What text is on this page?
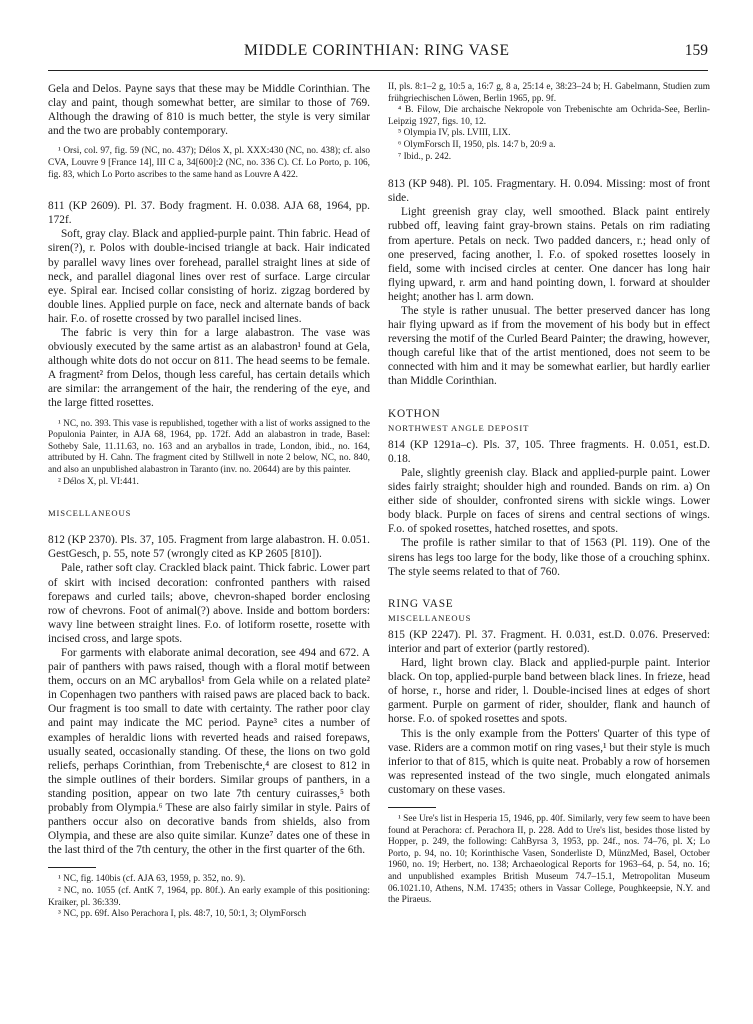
MIDDLE CORINTHIAN: RING VASE	159

Gela and Delos. Payne says that these may be Middle Corinthian. The clay and paint, though somewhat better, are similar to those of 769. Although the drawing of 810 is much better, the style is very similar and the two are probably contemporary.

¹ Orsi, col. 97, fig. 59 (NC, no. 437); Délos X, pl. XXX:430 (NC, no. 438); cf. also CVA, Louvre 9 [France 14], III C a, 34[600]:2 (NC, no. 336 C). Cf. Lo Porto, p. 106, fig. 83, which Lo Porto ascribes to the same hand as Louvre A 422.

811 (KP 2609). Pl. 37. Body fragment. H. 0.038. AJA 68, 1964, pp. 172f.

Soft, gray clay. Black and applied-purple paint. Thin fabric. Head of siren(?), r. Polos with double-incised triangle at back. Hair indicated by parallel wavy lines over forehead, parallel straight lines at side of neck, and parallel diagonal lines over rest of surface. Large circular eye. Spiral ear. Incised collar consisting of horiz. zigzag bordered by double lines. Applied purple on face, neck and alternate bands of back hair. F.o. of rosette crossed by two parallel incised lines.

The fabric is very thin for a large alabastron. The vase was obviously executed by the same artist as an alabastron¹ found at Gela, although white dots do not occur on 811. The head seems to be female. A fragment² from Delos, though less careful, has certain details which are similar: the arrangement of the hair, the rendering of the eye, and the large fitted rosettes.

¹ NC, no. 393. This vase is republished, together with a list of works assigned to the Populonia Painter, in AJA 68, 1964, pp. 172f. Add an alabastron in trade, Basel: Sotheby Sale, 11.11.63, no. 163 and an aryballos in trade, London, ibid., no. 164, attributed by H. Cahn. The fragment cited by Stillwell in note 2 below, NC, no. 840, and also an unpublished alabastron in Taranto (inv. no. 20644) are by this painter.

² Délos X, pl. VI:441.

MISCELLANEOUS

812 (KP 2370). Pls. 37, 105. Fragment from large alabastron. H. 0.051. GestGesch, p. 55, note 57 (wrongly cited as KP 2605 [810]).

Pale, rather soft clay. Crackled black paint. Thick fabric. Lower part of skirt with incised decoration: confronted panthers with raised forepaws and curled tails; above, chevron-shaped border enclosing row of chevrons. Foot of animal(?) above. Inside and bottom borders: wavy line between straight lines. F.o. of lotiform rosette, rosette with incised cross, and large spots.

For garments with elaborate animal decoration, see 494 and 672. A pair of panthers with paws raised, though with a floral motif between them, occurs on an MC aryballos¹ from Gela while on a related plate² in Copenhagen two panthers with raised paws are placed back to back. Our fragment is too small to date with certainty. The rather poor clay and paint may indicate the MC period. Payne³ cites a number of examples of heraldic lions with reverted heads and raised forepaws, usually seated, occasionally standing. Of these, the lions on two gold reliefs, perhaps Corinthian, from Trebenischte,⁴ are closest to 812 in the simple outlines of their borders. Similar groups of panthers, in a standing position, appear on two late 7th century cuirasses,⁵ both probably from Olympia.⁶ These are also fairly similar in style. Pairs of panthers occur also on decorative bands from shields, also from Olympia, and these are also quite similar. Kunze⁷ dates one of these in the last third of the 7th century, the other in the first quarter of the 6th.

¹ NC, fig. 140bis (cf. AJA 63, 1959, p. 352, no. 9).

² NC, no. 1055 (cf. AntK 7, 1964, pp. 80f.). An early example of this positioning: Kraiker, pl. 36:339.

³ NC, pp. 69f. Also Perachora I, pls. 48:7, 10, 50:1, 3; OlymForsch

II, pls. 8:1–2 g, 10:5 a, 16:7 g, 8 a, 25:14 e, 38:23–24 b; H. Gabelmann, Studien zum frühgriechischen Löwen, Berlin 1965, pp. 9f.

⁴ B. Filow, Die archaische Nekropole von Trebenischte am Ochrida-See, Berlin-Leipzig 1927, figs. 10, 12.

⁵ Olympia IV, pls. LVIII, LIX.

⁶ OlymForsch II, 1950, pls. 14:7 b, 20:9 a.

⁷ Ibid., p. 242.

813 (KP 948). Pl. 105. Fragmentary. H. 0.094. Missing: most of front side.

Light greenish gray clay, well smoothed. Black paint entirely rubbed off, leaving faint gray-brown stains. Petals on rim radiating from aperture. Petals on neck. Two padded dancers, r.; head only of one preserved, facing another, l. F.o. of spoked rosettes loosely in field, some with incised circles at center. One dancer has long hair flying upward, r. arm and hand pointing down, l. forward at shoulder height; another has l. arm down.

The style is rather unusual. The better preserved dancer has long hair flying upward as if from the movement of his body but in effect reversing the motif of the Curled Beard Painter; the drawing, however, though careful like that of the artist mentioned, does not seem to be connected with him and it may be somewhat earlier, but hardly earlier than Middle Corinthian.

KOTHON

NORTHWEST ANGLE DEPOSIT

814 (KP 1291a–c). Pls. 37, 105. Three fragments. H. 0.051, est.D. 0.18.

Pale, slightly greenish clay. Black and applied-purple paint. Lower sides fairly straight; shoulder high and rounded. Bands on rim. a) On either side of shoulder, confronted sirens with sickle wings. Lower body black. Purple on faces of sirens and central sections of wings. F.o. of spoked rosettes, hatched rosettes, and spots.

The profile is rather similar to that of 1563 (Pl. 119). One of the sirens has legs too large for the body, like those of a crouching sphinx. The style seems related to that of 760.

RING VASE

MISCELLANEOUS

815 (KP 2247). Pl. 37. Fragment. H. 0.031, est.D. 0.076. Preserved: interior and part of exterior (partly restored).

Hard, light brown clay. Black and applied-purple paint. Interior black. On top, applied-purple band between black lines. In frieze, head of horse, r., horse and rider, l. Double-incised lines at edges of short garment. Purple on garment of rider, shoulder, flank and haunch of horse. F.o. of spoked rosettes and spots.

This is the only example from the Potters' Quarter of this type of vase. Riders are a common motif on ring vases,¹ but their style is much inferior to that of 815, which is quite neat. Probably a row of horsemen was represented instead of the two single, much elongated animals customary on these vases.

¹ See Ure's list in Hesperia 15, 1946, pp. 40f. Similarly, very few seem to have been found at Perachora: cf. Perachora II, p. 228. Add to Ure's list, besides those listed by Hopper, p. 249, the following: CahByrsa 3, 1953, pp. 24f., nos. 74–76, pl. X; Lo Porto, p. 94, no. 10; Korinthische Vasen, Sonderliste D, MünzMed, Basel, October 1960, no. 19; Herbert, no. 138; Archaeological Reports for 1963–64, p. 54, no. 16; and unpublished examples British Museum 74.7–15.1, Metropolitan Museum 06.1021.10, Athens, N.M. 17435; others in Vassar College, Poughkeepsie, N.Y. and the Piraeus.
